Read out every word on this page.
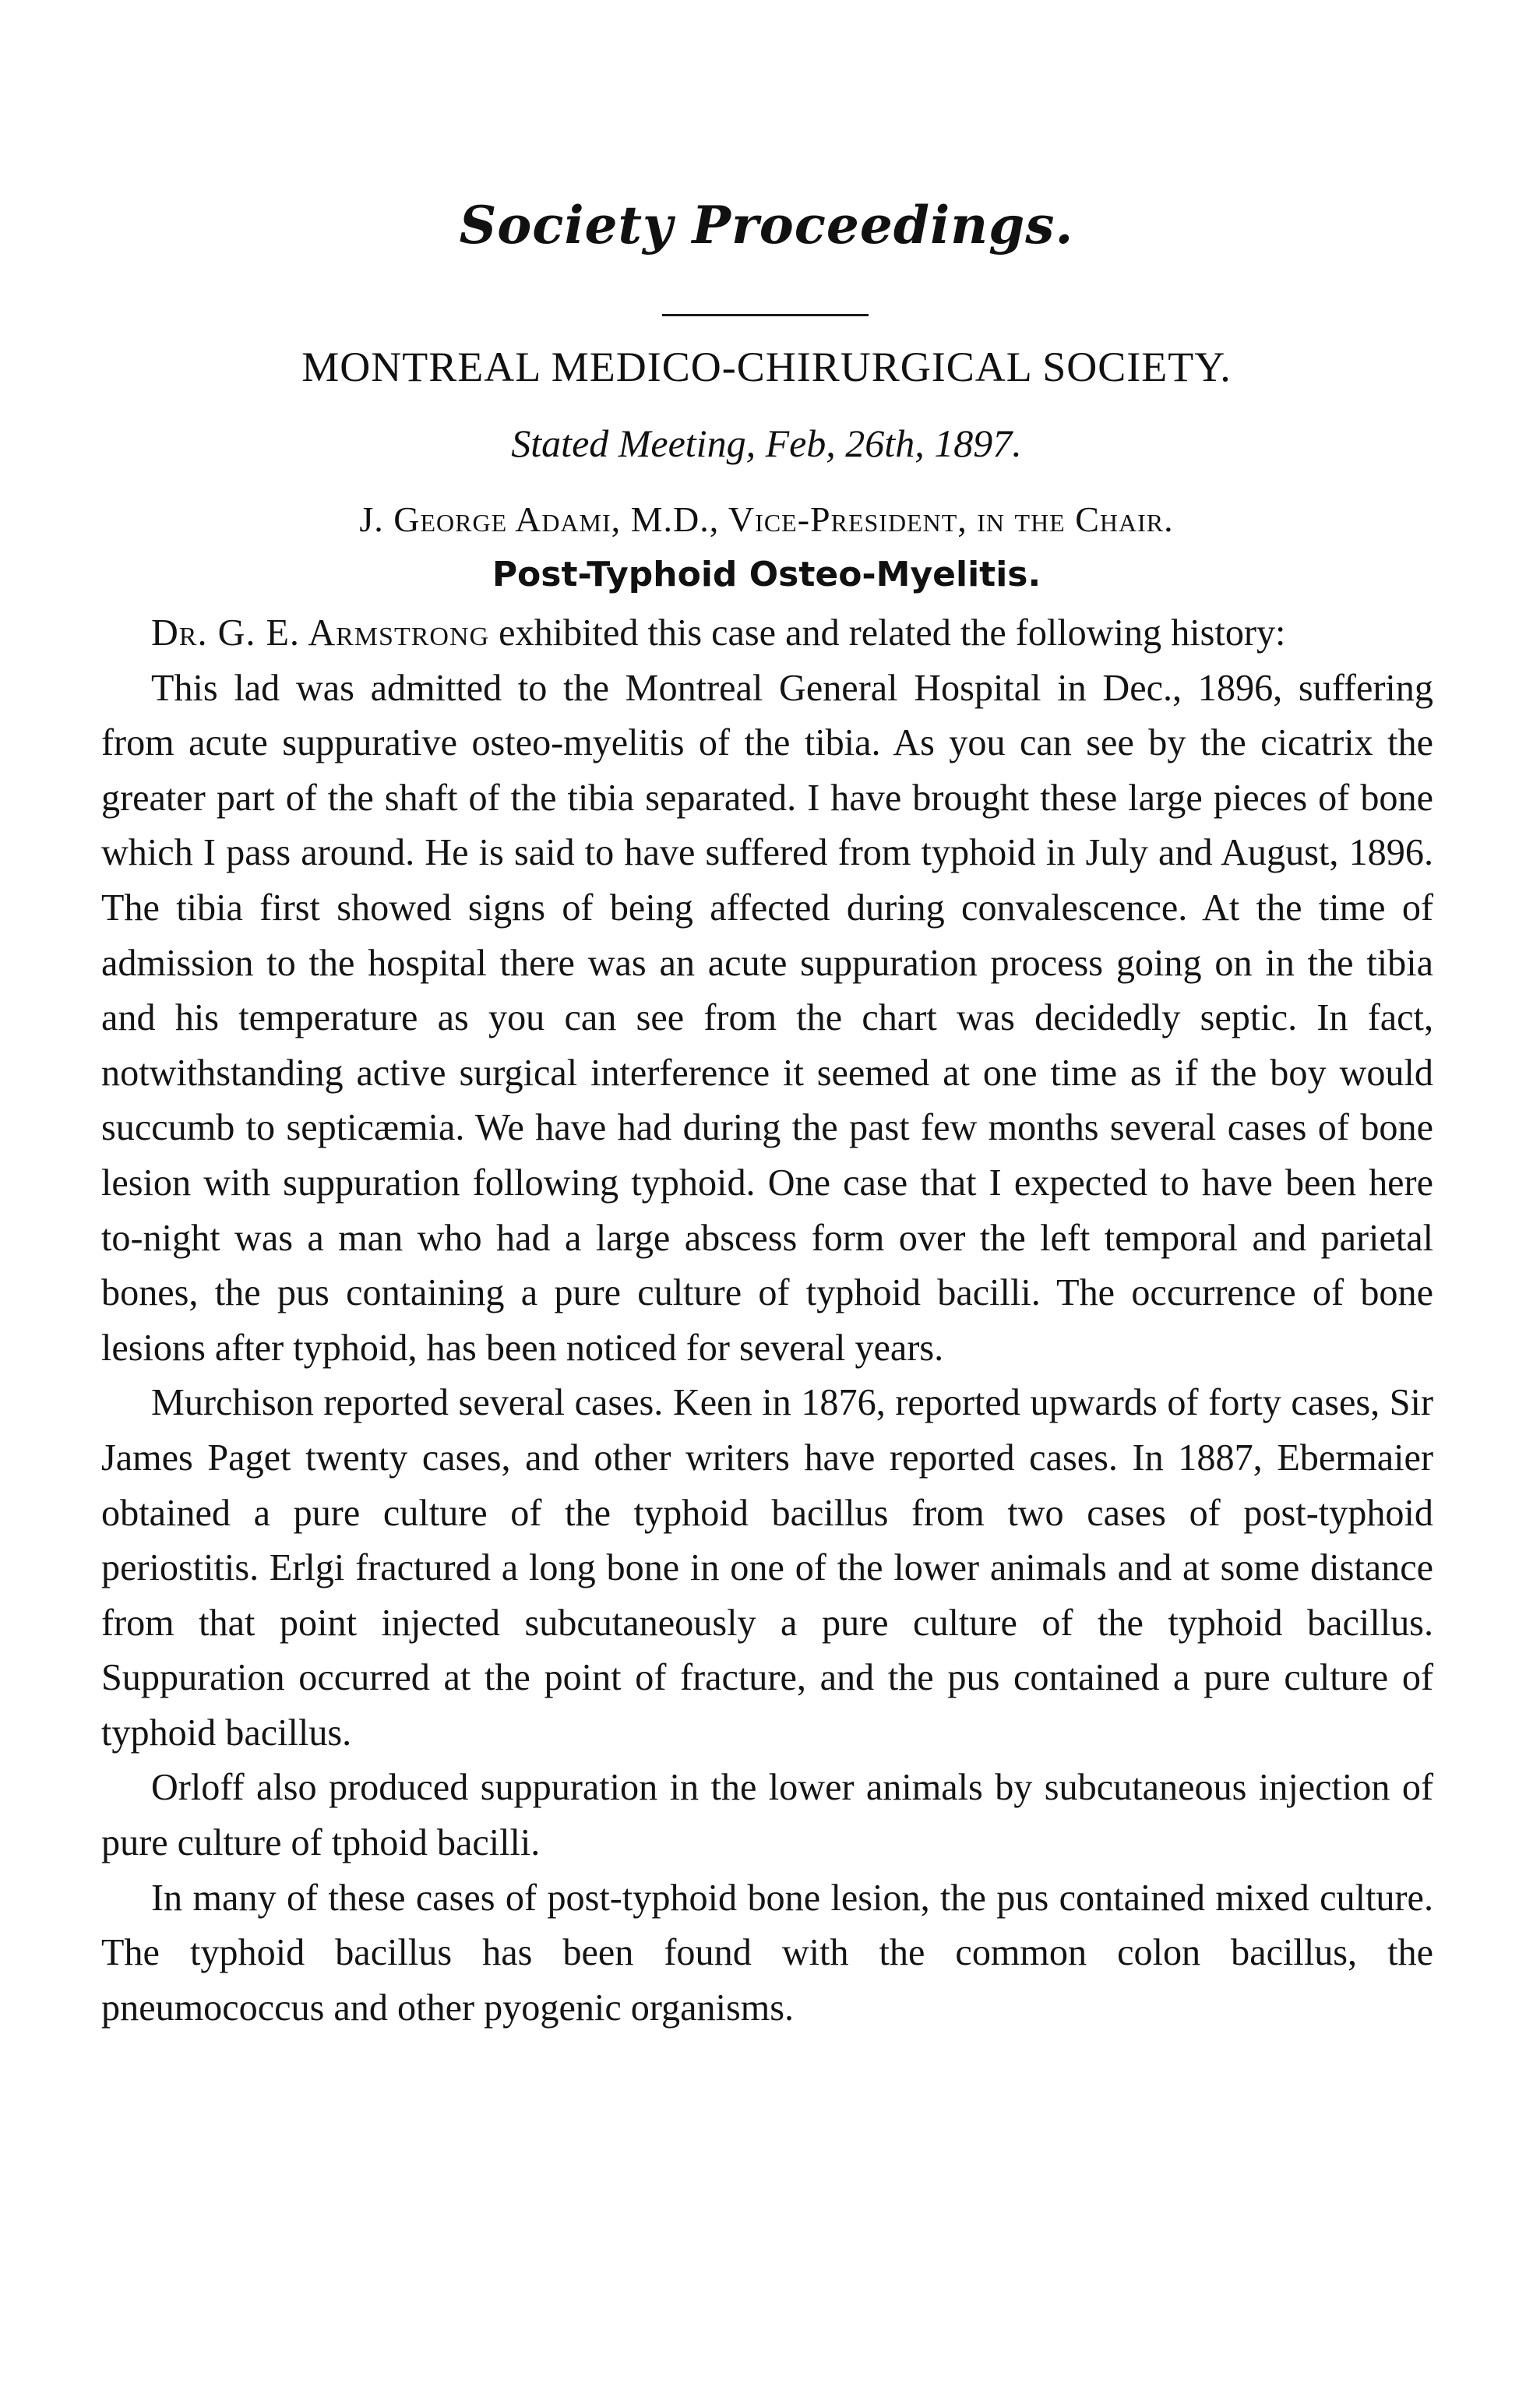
Society Proceedings.
MONTREAL MEDICO-CHIRURGICAL SOCIETY.
Stated Meeting, Feb, 26th, 1897.
J. George Adami, M.D., Vice-President, in the Chair.
Post-Typhoid Osteo-Myelitis.

Dr. G. E. Armstrong exhibited this case and related the following history:

This lad was admitted to the Montreal General Hospital in Dec., 1896, suffering from acute suppurative osteo-myelitis of the tibia. As you can see by the cicatrix the greater part of the shaft of the tibia separated. I have brought these large pieces of bone which I pass around. He is said to have suffered from typhoid in July and August, 1896. The tibia first showed signs of being affected during convalescence. At the time of admission to the hospital there was an acute suppuration process going on in the tibia and his temperature as you can see from the chart was decidedly septic. In fact, notwithstanding active surgical interference it seemed at one time as if the boy would succumb to septicæmia. We have had during the past few months several cases of bone lesion with suppuration following typhoid. One case that I expected to have been here to-night was a man who had a large abscess form over the left temporal and parietal bones, the pus containing a pure culture of typhoid bacilli. The occurrence of bone lesions after typhoid, has been noticed for several years.

Murchison reported several cases. Keen in 1876, reported upwards of forty cases, Sir James Paget twenty cases, and other writers have reported cases. In 1887, Ebermaier obtained a pure culture of the typhoid bacillus from two cases of post-typhoid periostitis. Erlgi fractured a long bone in one of the lower animals and at some distance from that point injected subcutaneously a pure culture of the typhoid bacillus. Suppuration occurred at the point of fracture, and the pus contained a pure culture of typhoid bacillus.

Orloff also produced suppuration in the lower animals by subcutaneous injection of pure culture of tphoid bacilli.

In many of these cases of post-typhoid bone lesion, the pus contained mixed culture. The typhoid bacillus has been found with the common colon bacillus, the pneumococcus and other pyogenic organisms.
